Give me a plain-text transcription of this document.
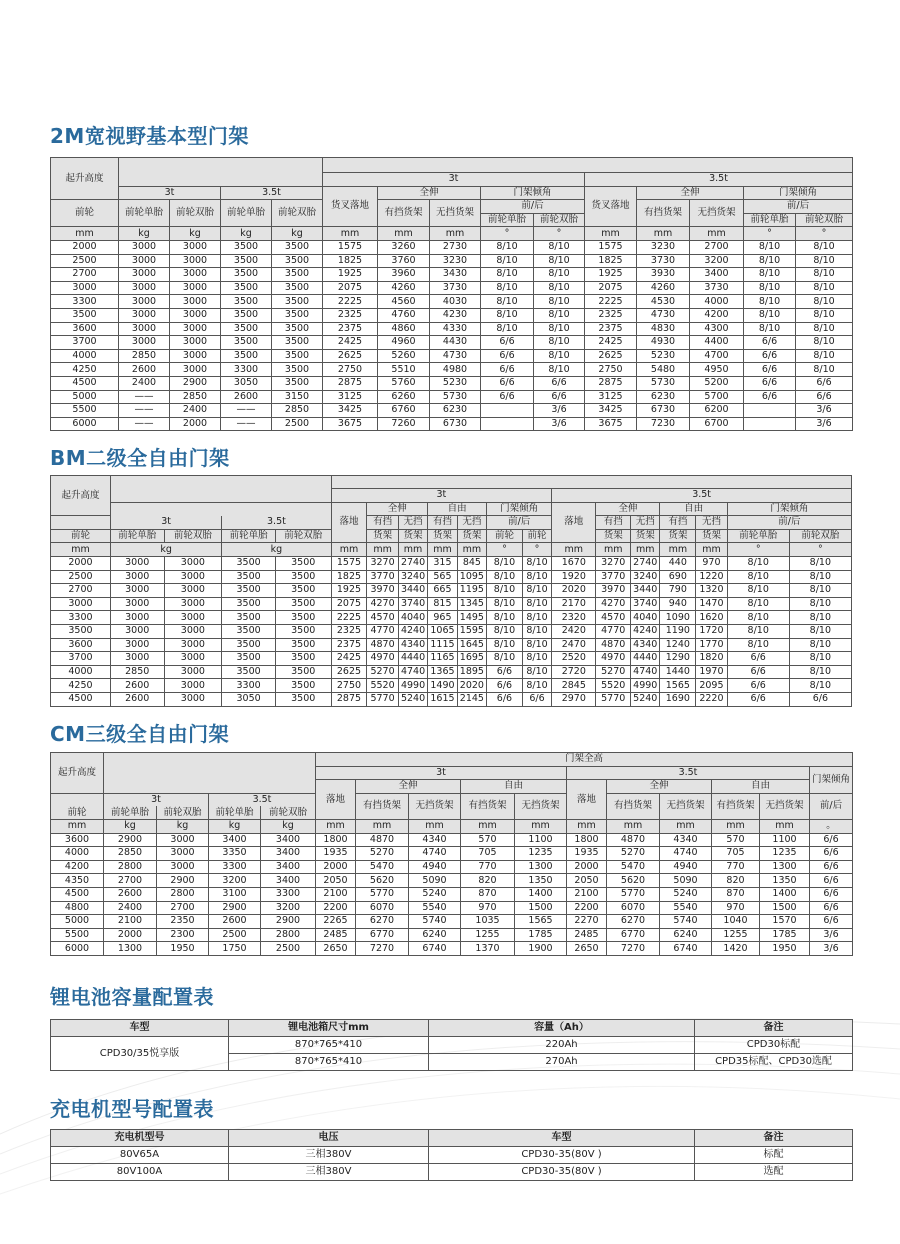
2M宽视野基本型门架
起升高度														
					3t					3.5t				
	3t		3.5t		货叉落地	全伸		门架倾角		货叉落地	全伸		门架倾角	
前轮	前轮单胎	前轮双胎	前轮单胎	前轮双胎		有挡货架	无挡货架	前/后			有挡货架	无挡货架	前/后	
								前轮单胎	前轮双胎				前轮单胎	前轮双胎
mm	kg	kg	kg	kg	mm	mm	mm	°	°	mm	mm	mm	°	°
2000	3000	3000	3500	3500	1575	3260	2730	8/10	8/10	1575	3230	2700	8/10	8/10
2500	3000	3000	3500	3500	1825	3760	3230	8/10	8/10	1825	3730	3200	8/10	8/10
2700	3000	3000	3500	3500	1925	3960	3430	8/10	8/10	1925	3930	3400	8/10	8/10
3000	3000	3000	3500	3500	2075	4260	3730	8/10	8/10	2075	4260	3730	8/10	8/10
3300	3000	3000	3500	3500	2225	4560	4030	8/10	8/10	2225	4530	4000	8/10	8/10
3500	3000	3000	3500	3500	2325	4760	4230	8/10	8/10	2325	4730	4200	8/10	8/10
3600	3000	3000	3500	3500	2375	4860	4330	8/10	8/10	2375	4830	4300	8/10	8/10
3700	3000	3000	3500	3500	2425	4960	4430	6/6	8/10	2425	4930	4400	6/6	8/10
4000	2850	3000	3500	3500	2625	5260	4730	6/6	8/10	2625	5230	4700	6/6	8/10
4250	2600	3000	3300	3500	2750	5510	4980	6/6	8/10	2750	5480	4950	6/6	8/10
4500	2400	2900	3050	3500	2875	5760	5230	6/6	6/6	2875	5730	5200	6/6	6/6
5000	——	2850	2600	3150	3125	6260	5730	6/6	6/6	3125	6230	5700	6/6	6/6
5500	——	2400	——	2850	3425	6760	6230		3/6	3425	6730	6200		3/6
6000	——	2000	——	2500	3675	7260	6730		3/6	3675	7230	6700		3/6
BM二级全自由门架
起升高度																		
					3t							3.5t						
					落地	全伸		自由		门架倾角		落地	全伸		自由		门架倾角	
	3t		3.5t			有挡	无挡	有挡	无挡	前/后			有挡	无挡	有挡	无挡	前/后	
前轮	前轮单胎	前轮双胎	前轮单胎	前轮双胎		货架	货架	货架	货架	前轮	前轮		货架	货架	货架	货架	前轮单胎	前轮双胎
mm	kg		kg		mm	mm	mm	mm	mm	°	°	mm	mm	mm	mm	mm	°	°
2000	3000	3000	3500	3500	1575	3270	2740	315	845	8/10	8/10	1670	3270	2740	440	970	8/10	8/10
2500	3000	3000	3500	3500	1825	3770	3240	565	1095	8/10	8/10	1920	3770	3240	690	1220	8/10	8/10
2700	3000	3000	3500	3500	1925	3970	3440	665	1195	8/10	8/10	2020	3970	3440	790	1320	8/10	8/10
3000	3000	3000	3500	3500	2075	4270	3740	815	1345	8/10	8/10	2170	4270	3740	940	1470	8/10	8/10
3300	3000	3000	3500	3500	2225	4570	4040	965	1495	8/10	8/10	2320	4570	4040	1090	1620	8/10	8/10
3500	3000	3000	3500	3500	2325	4770	4240	1065	1595	8/10	8/10	2420	4770	4240	1190	1720	8/10	8/10
3600	3000	3000	3500	3500	2375	4870	4340	1115	1645	8/10	8/10	2470	4870	4340	1240	1770	8/10	8/10
3700	3000	3000	3500	3500	2425	4970	4440	1165	1695	8/10	8/10	2520	4970	4440	1290	1820	6/6	8/10
4000	2850	3000	3500	3500	2625	5270	4740	1365	1895	6/6	8/10	2720	5270	4740	1440	1970	6/6	8/10
4250	2600	3000	3300	3500	2750	5520	4990	1490	2020	6/6	8/10	2845	5520	4990	1565	2095	6/6	8/10
4500	2600	3000	3050	3500	2875	5770	5240	1615	2145	6/6	6/6	2970	5770	5240	1690	2220	6/6	6/6
CM三级全自由门架
起升高度					门架全高										
					3t					3.5t					门架倾角
					落地	全伸		自由		落地	全伸		自由		
	3t		3.5t			有挡货架	无挡货架	有挡货架	无挡货架		有挡货架	无挡货架	有挡货架	无挡货架	前/后
前轮	前轮单胎	前轮双胎	前轮单胎	前轮双胎											
mm	kg	kg	kg	kg	mm	mm	mm	mm	mm	mm	mm	mm	mm	mm	。
3600	2900	3000	3400	3400	1800	4870	4340	570	1100	1800	4870	4340	570	1100	6/6
4000	2850	3000	3350	3400	1935	5270	4740	705	1235	1935	5270	4740	705	1235	6/6
4200	2800	3000	3300	3400	2000	5470	4940	770	1300	2000	5470	4940	770	1300	6/6
4350	2700	2900	3200	3400	2050	5620	5090	820	1350	2050	5620	5090	820	1350	6/6
4500	2600	2800	3100	3300	2100	5770	5240	870	1400	2100	5770	5240	870	1400	6/6
4800	2400	2700	2900	3200	2200	6070	5540	970	1500	2200	6070	5540	970	1500	6/6
5000	2100	2350	2600	2900	2265	6270	5740	1035	1565	2270	6270	5740	1040	1570	6/6
5500	2000	2300	2500	2800	2485	6770	6240	1255	1785	2485	6770	6240	1255	1785	3/6
6000	1300	1950	1750	2500	2650	7270	6740	1370	1900	2650	7270	6740	1420	1950	3/6
锂电池容量配置表
车型	锂电池箱尺寸mm	容量（Ah）	备注
CPD30/35悦享版	870*765*410	220Ah	CPD30标配
	870*765*410	270Ah	CPD35标配、CPD30选配
充电机型号配置表
充电机型号	电压	车型	备注
80V65A	三相380V	CPD30-35(80V )	标配
80V100A	三相380V	CPD30-35(80V )	选配
